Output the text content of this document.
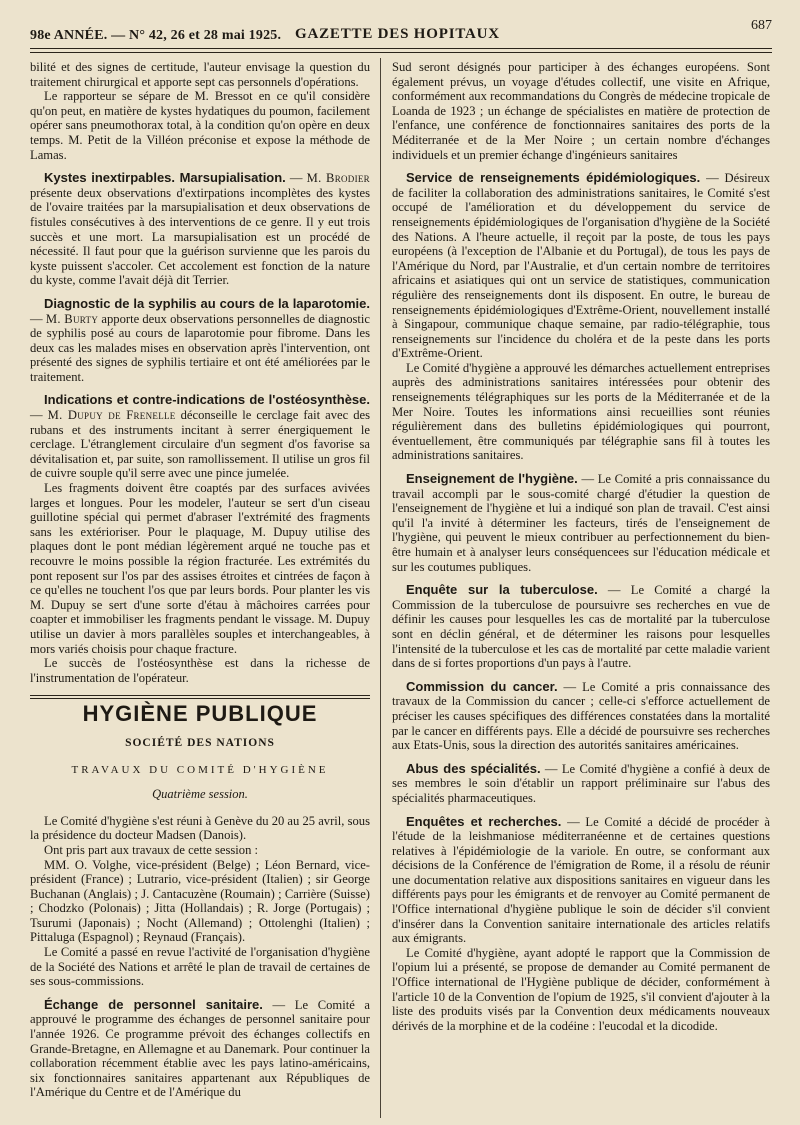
98e ANNÉE. — N° 42, 26 et 28 mai 1925. GAZETTE DES HOPITAUX
687

bilité et des signes de certitude, l'auteur envisage la question du traitement chirurgical et apporte sept cas personnels d'opérations.

Le rapporteur se sépare de M. Bressot en ce qu'il considère qu'on peut, en matière de kystes hydatiques du poumon, facilement opérer sans pneumothorax total, à la condition qu'on opère en deux temps. M. Petit de la Villéon préconise et expose la méthode de Lamas.

Kystes inextirpables. Marsupialisation. — M. Brodier présente deux observations d'extirpations incomplètes des kystes de l'ovaire traitées par la marsupialisation et deux observations de fistules consécutives à des interventions de ce genre. Il y eut trois succès et une mort. La marsupialisation est un procédé de nécessité. Il faut pour que la guérison survienne que les parois du kyste puissent s'accoler. Cet accolement est fonction de la nature du kyste, comme l'avait déjà dit Terrier.

Diagnostic de la syphilis au cours de la laparotomie. — M. Burty apporte deux observations personnelles de diagnostic de syphilis posé au cours de laparotomie pour fibrome. Dans les deux cas les malades mises en observation après l'intervention, ont présenté des signes de syphilis tertiaire et ont été améliorées par le traitement.

Indications et contre-indications de l'ostéosynthèse. — M. Dupuy de Frenelle déconseille le cerclage fait avec des rubans et des instruments incitant à serrer énergiquement le cerclage. L'étranglement circulaire d'un segment d'os favorise sa dévitalisation et, par suite, son ramollissement. Il utilise un gros fil de cuivre souple qu'il serre avec une pince jumelée.

Les fragments doivent être coaptés par des surfaces avivées larges et longues. Pour les modeler, l'auteur se sert d'un ciseau guillotine spécial qui permet d'abraser l'extrémité des fragments sans les extérioriser. Pour le plaquage, M. Dupuy utilise des plaques dont le pont médian légèrement arqué ne touche pas et recouvre le moins possible la région fracturée. Les extrémités du pont reposent sur l'os par des assises étroites et cintrées de façon à ce qu'elles ne touchent l'os que par leurs bords. Pour planter les vis M. Dupuy se sert d'une sorte d'étau à mâchoires carrées pour coapter et immobiliser les fragments pendant le vissage. M. Dupuy utilise un davier à mors parallèles souples et interchangeables, à mors variés choisis pour chaque fracture.

Le succès de l'ostéosynthèse est dans la richesse de l'instrumentation de l'opérateur.

HYGIÈNE PUBLIQUE
SOCIÉTÉ DES NATIONS
TRAVAUX DU COMITÉ D'HYGIÈNE
Quatrième session.

Le Comité d'hygiène s'est réuni à Genève du 20 au 25 avril, sous la présidence du docteur Madsen (Danois).

Ont pris part aux travaux de cette session :

MM. O. Volghe, vice-président (Belge) ; Léon Bernard, vice-président (France) ; Lutrario, vice-président (Italien) ; sir George Buchanan (Anglais) ; J. Cantacuzène (Roumain) ; Carrière (Suisse) ; Chodzko (Polonais) ; Jitta (Hollandais) ; R. Jorge (Portugais) ; Tsurumi (Japonais) ; Nocht (Allemand) ; Ottolenghi (Italien) ; Pittaluga (Espagnol) ; Reynaud (Français).

Le Comité a passé en revue l'activité de l'organisation d'hygiène de la Société des Nations et arrêté le plan de travail de certaines de ses sous-commissions.

Échange de personnel sanitaire. — Le Comité a approuvé le programme des échanges de personnel sanitaire pour l'année 1926. Ce programme prévoit des échanges collectifs en Grande-Bretagne, en Allemagne et au Danemark. Pour continuer la collaboration récemment établie avec les pays latino-américains, six fonctionnaires sanitaires appartenant aux Républiques de l'Amérique du Centre et de l'Amérique du

Sud seront désignés pour participer à des échanges européens. Sont également prévus, un voyage d'études collectif, une visite en Afrique, conformément aux recommandations du Congrès de médecine tropicale de Loanda de 1923 ; un échange de spécialistes en matière de protection de l'enfance, une conférence de fonctionnaires sanitaires des ports de la Méditerranée et de la Mer Noire ; un certain nombre d'échanges individuels et un premier échange d'ingénieurs sanitaires

Service de renseignements épidémiologiques. — Désireux de faciliter la collaboration des administrations sanitaires, le Comité s'est occupé de l'amélioration et du développement du service de renseignements épidémiologiques de l'organisation d'hygiène de la Société des Nations. A l'heure actuelle, il reçoit par la poste, de tous les pays européens (à l'exception de l'Albanie et du Portugal), de tous les pays de l'Amérique du Nord, par l'Australie, et d'un certain nombre de territoires africains et asiatiques qui ont un service de statistiques, communication régulière des renseignements dont ils disposent. En outre, le bureau de renseignements épidémiologiques d'Extrême-Orient, nouvellement installé à Singapour, communique chaque semaine, par radio-télégraphie, tous renseignements sur l'incidence du choléra et de la peste dans les ports d'Extrême-Orient.

Le Comité d'hygiène a approuvé les démarches actuellement entreprises auprès des administrations sanitaires intéressées pour obtenir des renseignements télégraphiques sur les ports de la Méditerranée et de la Mer Noire. Toutes les informations ainsi recueillies sont réunies régulièrement dans des bulletins épidémiologiques qui pourront, éventuellement, être communiqués par télégraphie sans fil à toutes les administrations sanitaires.

Enseignement de l'hygiène. — Le Comité a pris connaissance du travail accompli par le sous-comité chargé d'étudier la question de l'enseignement de l'hygiène et lui a indiqué son plan de travail. C'est ainsi qu'il l'a invité à déterminer les facteurs, tirés de l'enseignement de l'hygiène, qui peuvent le mieux contribuer au perfectionnement du bien-être humain et à analyser leurs conséquencees sur l'éducation médicale et sur les coutumes publiques.

Enquête sur la tuberculose. — Le Comité a chargé la Commission de la tuberculose de poursuivre ses recherches en vue de définir les causes pour lesquelles les cas de mortalité par la tuberculose sont en déclin général, et de déterminer les raisons pour lesquelles l'intensité de la tuberculose et les cas de mortalité par cette maladie varient dans de si fortes proportions d'un pays à l'autre.

Commission du cancer. — Le Comité a pris connaissance des travaux de la Commission du cancer ; celle-ci s'efforce actuellement de préciser les causes spécifiques des différences constatées dans la mortalité par le cancer en différents pays. Elle a décidé de poursuivre ses recherches aux Etats-Unis, sous la direction des autorités sanitaires américaines.

Abus des spécialités. — Le Comité d'hygiène a confié à deux de ses membres le soin d'établir un rapport préliminaire sur l'abus des spécialités pharmaceutiques.

Enquêtes et recherches. — Le Comité a décidé de procéder à l'étude de la leishmaniose méditerranéenne et de certaines questions relatives à l'épidémiologie de la variole. En outre, se conformant aux décisions de la Conférence de l'émigration de Rome, il a résolu de réunir une documentation relative aux dispositions sanitaires en vigueur dans les différents pays pour les émigrants et de renvoyer au Comité permanent de l'Office international d'hygiène publique le soin de décider s'il convient d'insérer dans la Convention sanitaire internationale des articles relatifs aux émigrants.

Le Comité d'hygiène, ayant adopté le rapport que la Commission de l'opium lui a présenté, se propose de demander au Comité permanent de l'Office international de l'Hygiène publique de décider, conformément à l'article 10 de la Convention de l'opium de 1925, s'il convient d'ajouter à la liste des produits visés par la Convention deux médicaments nouveaux dérivés de la morphine et de la codéine : l'eucodal et la dicodide.
